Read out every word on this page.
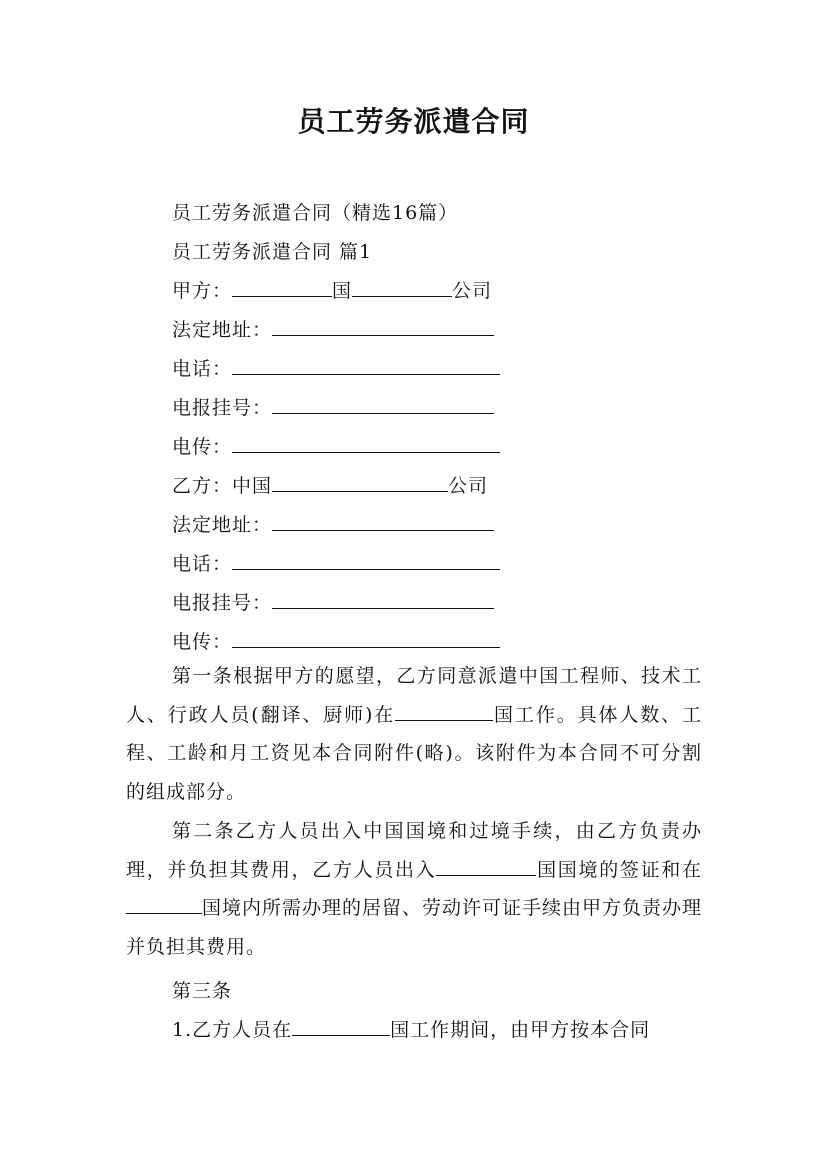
员工劳务派遣合同
员工劳务派遣合同（精选16篇）
员工劳务派遣合同 篇1
甲方：	国	公司
法定地址：
电话：
电报挂号：
电传：
乙方：中国	公司
法定地址：
电话：
电报挂号：
电传：
第一条根据甲方的愿望，乙方同意派遣中国工程师、技术工人、行政人员(翻译、厨师)在	国工作。具体人数、工程、工龄和月工资见本合同附件(略)。该附件为本合同不可分割的组成部分。
第二条乙方人员出入中国国境和过境手续，由乙方负责办理，并负担其费用，乙方人员出入	国国境的签证和在国境内所需办理的居留、劳动许可证手续由甲方负责办理并负担其费用。
第三条
1.乙方人员在	国工作期间，由甲方按本合同
